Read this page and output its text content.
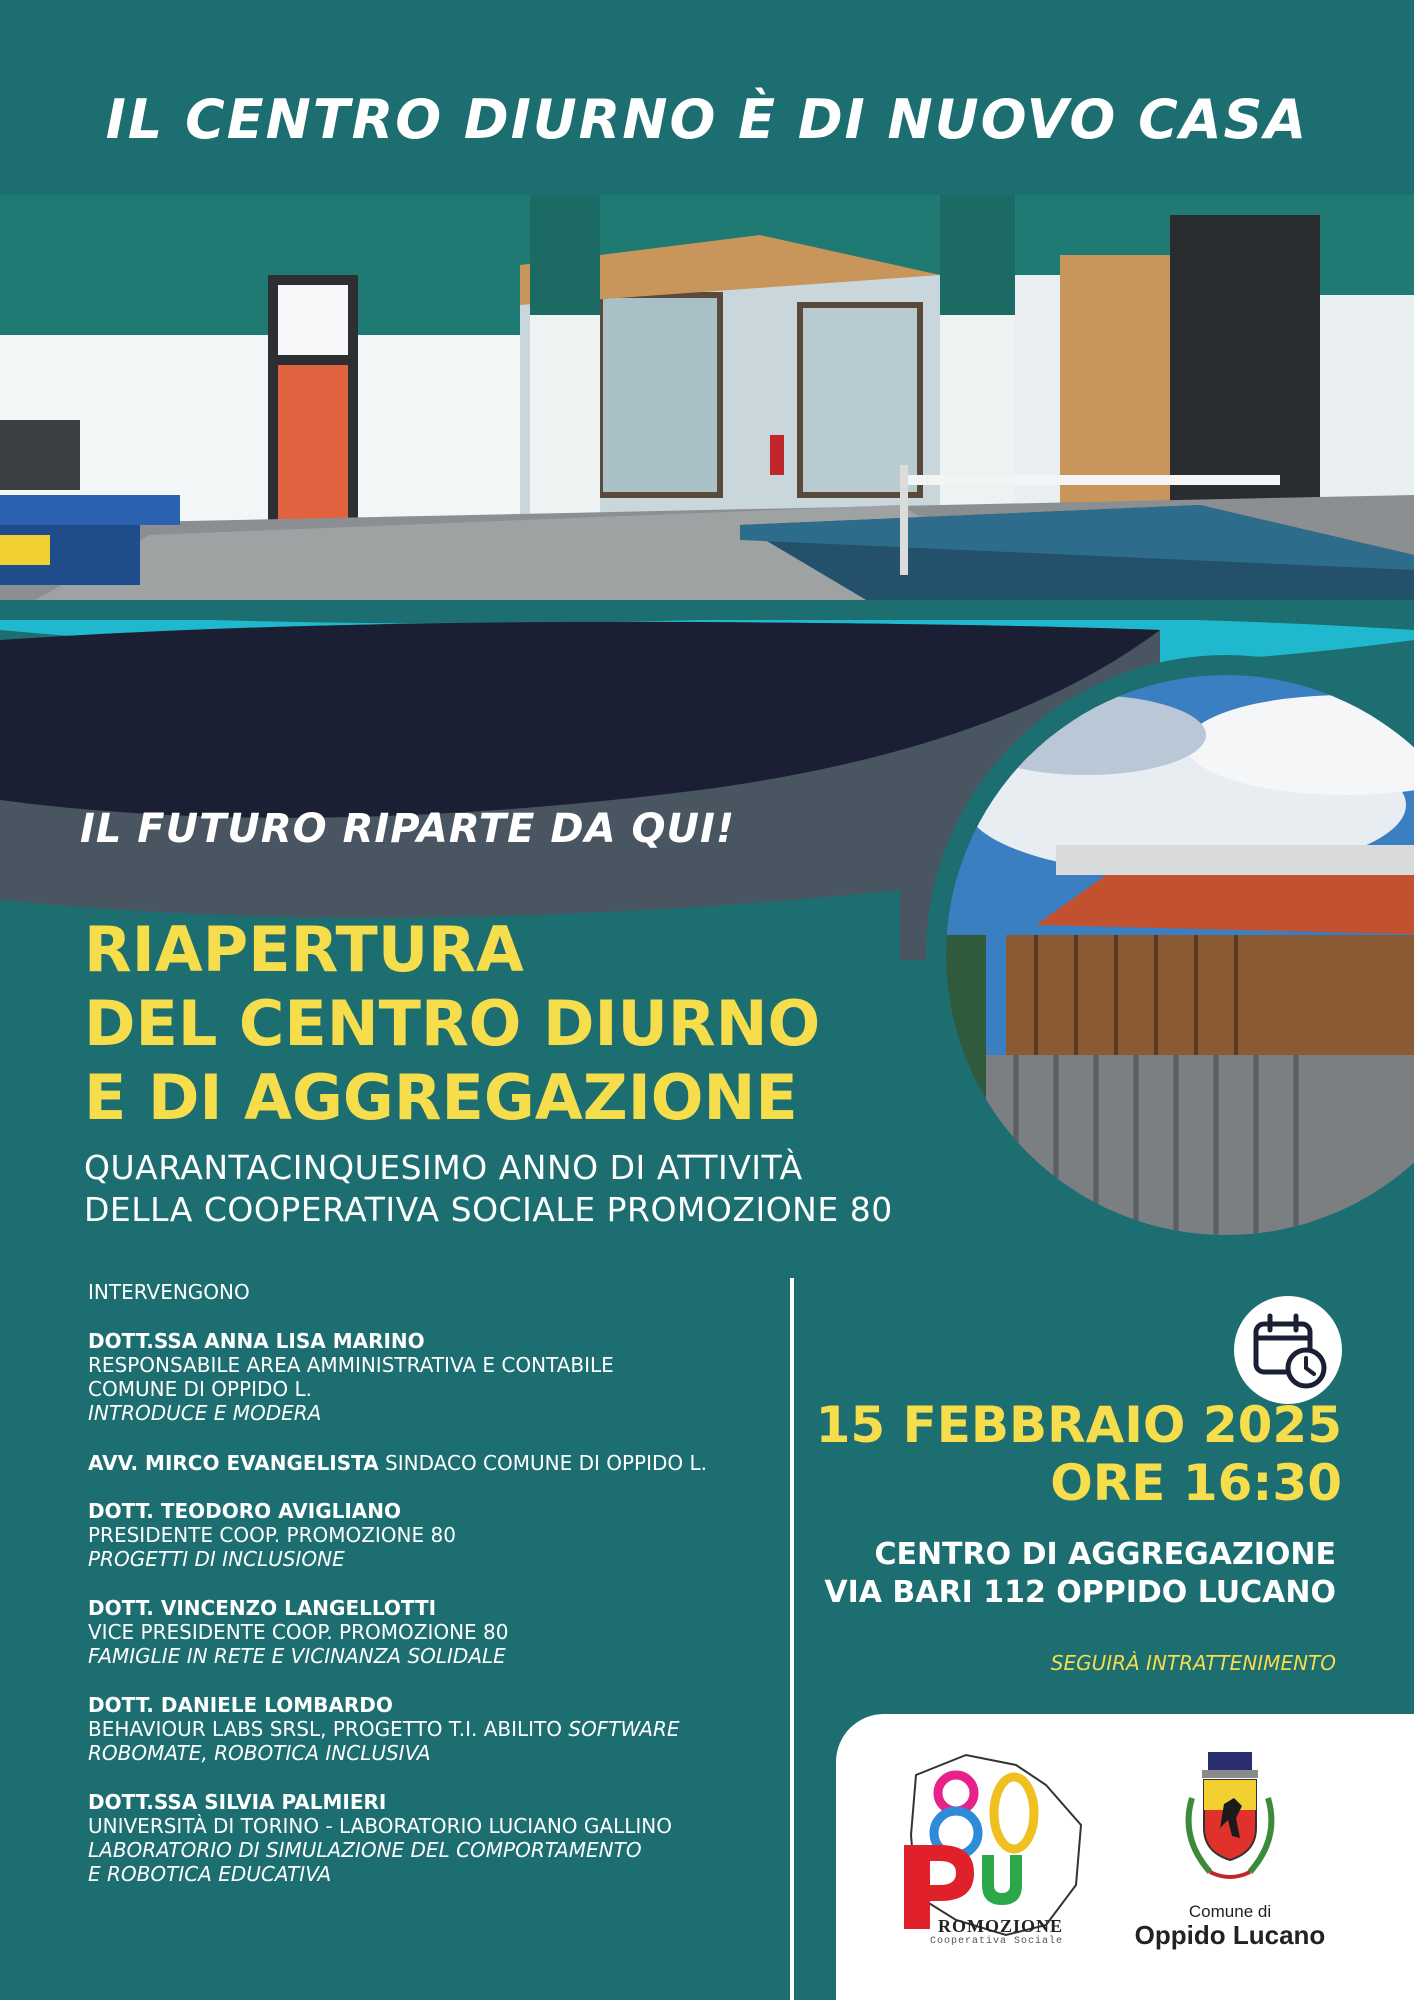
IL CENTRO DIURNO È DI NUOVO CASA
IL FUTURO RIPARTE DA QUI!
RIAPERTURA
DEL CENTRO DIURNO
E DI AGGREGAZIONE
QUARANTACINQUESIMO ANNO DI ATTIVITÀ
DELLA COOPERATIVA SOCIALE PROMOZIONE 80
INTERVENGONO
DOTT.SSA ANNA LISA MARINO
RESPONSABILE AREA AMMINISTRATIVA E CONTABILE
COMUNE DI OPPIDO L.
INTRODUCE E MODERA
AVV. MIRCO EVANGELISTA SINDACO COMUNE DI OPPIDO L.
DOTT. TEODORO AVIGLIANO
PRESIDENTE COOP. PROMOZIONE 80
PROGETTI DI INCLUSIONE
DOTT. VINCENZO LANGELLOTTI
VICE PRESIDENTE COOP. PROMOZIONE 80
FAMIGLIE IN RETE E VICINANZA SOLIDALE
DOTT. DANIELE LOMBARDO
BEHAVIOUR LABS SRSL, PROGETTO T.I. ABILITO SOFTWARE
ROBOMATE, ROBOTICA INCLUSIVA
DOTT.SSA SILVIA PALMIERI
UNIVERSITÀ DI TORINO - LABORATORIO LUCIANO GALLINO
LABORATORIO DI SIMULAZIONE DEL COMPORTAMENTO
E ROBOTICA EDUCATIVA
15 FEBBRAIO 2025
ORE 16:30
CENTRO DI AGGREGAZIONE
VIA BARI 112 OPPIDO LUCANO
SEGUIRÀ INTRATTENIMENTO
ROMOZIONE
Cooperativa Sociale
Comune di
Oppido Lucano
